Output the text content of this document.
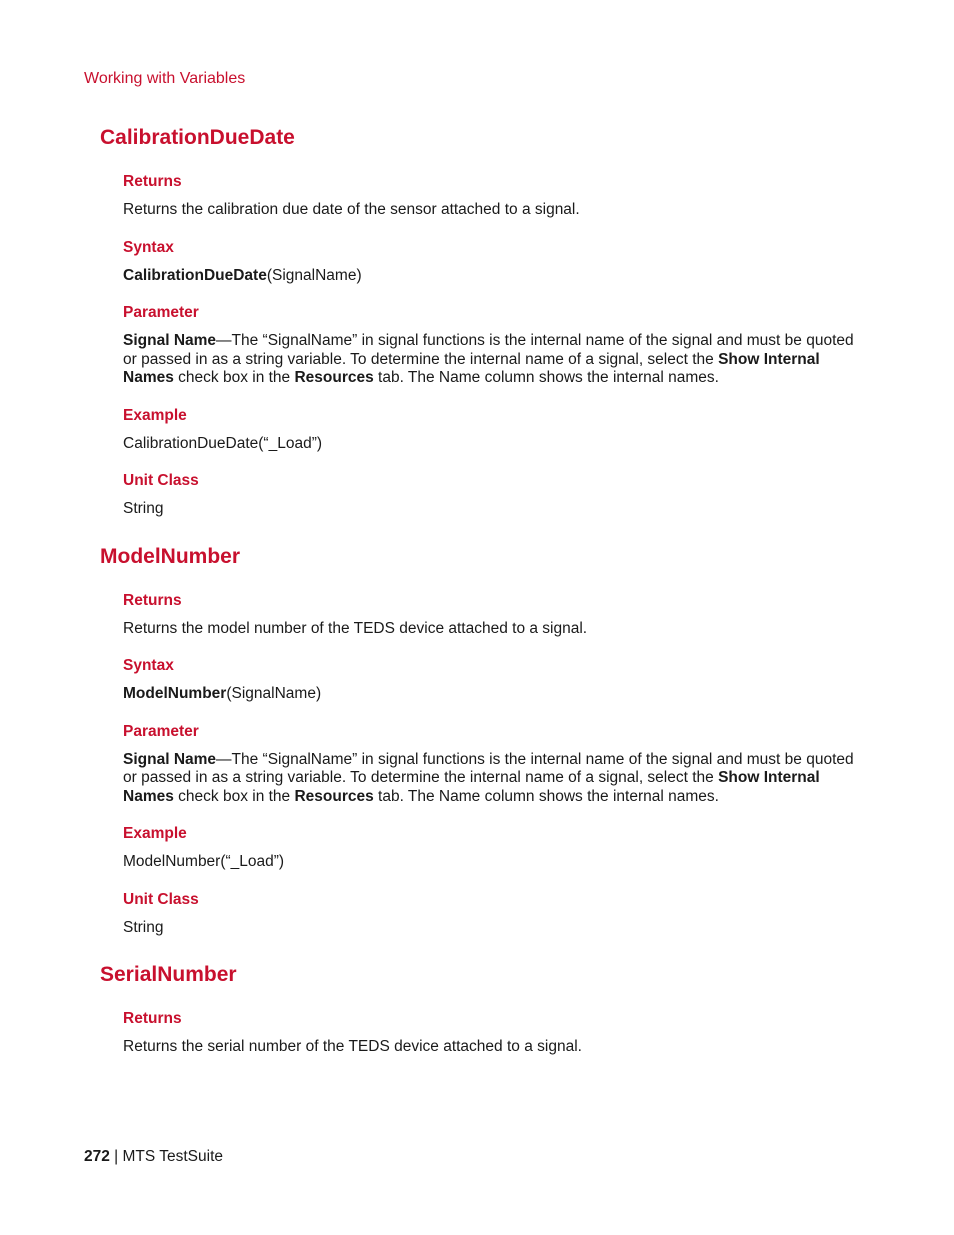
Working with Variables

CalibrationDueDate
Returns

Returns the calibration due date of the sensor attached to a signal.

Syntax

CalibrationDueDate(SignalName)

Parameter

Signal Name—The “SignalName” in signal functions is the internal name of the signal and must be quoted or passed in as a string variable. To determine the internal name of a signal, select the Show Internal Names check box in the Resources tab. The Name column shows the internal names.

Example

CalibrationDueDate(“_Load”)

Unit Class

String

ModelNumber
Returns

Returns the model number of the TEDS device attached to a signal.

Syntax

ModelNumber(SignalName)

Parameter

Signal Name—The “SignalName” in signal functions is the internal name of the signal and must be quoted or passed in as a string variable. To determine the internal name of a signal, select the Show Internal Names check box in the Resources tab. The Name column shows the internal names.

Example

ModelNumber(“_Load”)

Unit Class

String

SerialNumber
Returns

Returns the serial number of the TEDS device attached to a signal.

272 | MTS TestSuite
